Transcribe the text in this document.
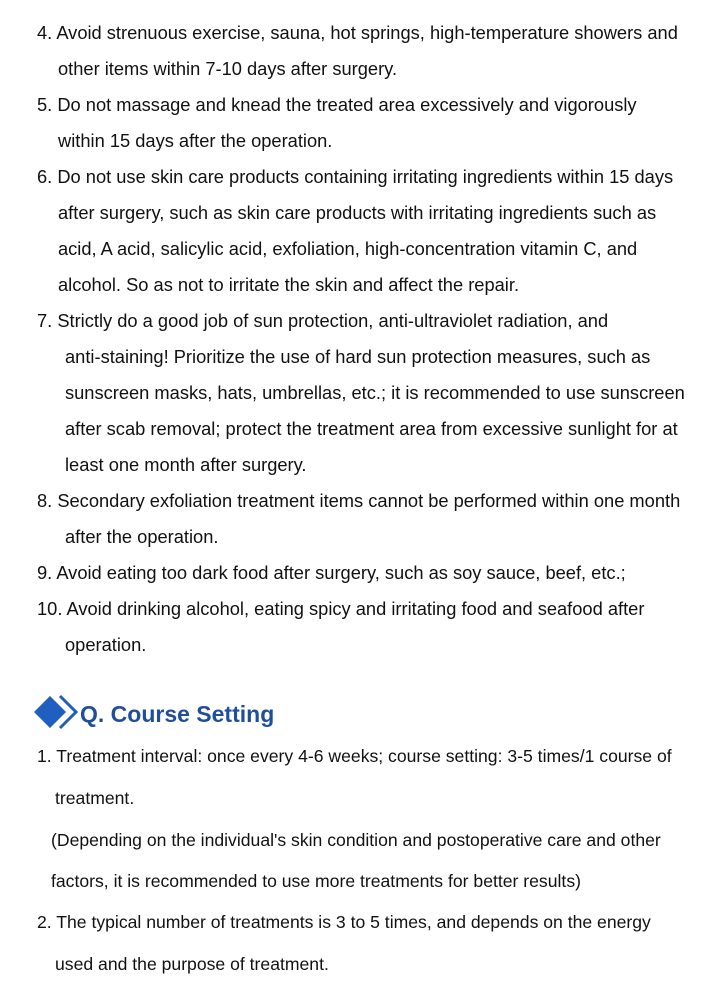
4. Avoid strenuous exercise, sauna, hot springs, high-temperature showers and
other items within 7-10 days after surgery.
5. Do not massage and knead the treated area excessively and vigorously
within 15 days after the operation.
6. Do not use skin care products containing irritating ingredients within 15 days
after surgery, such as skin care products with irritating ingredients such as
acid, A acid, salicylic acid, exfoliation, high-concentration vitamin C, and
alcohol. So as not to irritate the skin and affect the repair.
7. Strictly do a good job of sun protection, anti-ultraviolet radiation, and
anti-staining! Prioritize the use of hard sun protection measures, such as
sunscreen masks, hats, umbrellas, etc.; it is recommended to use sunscreen
after scab removal; protect the treatment area from excessive sunlight for at
least one month after surgery.
8. Secondary exfoliation treatment items cannot be performed within one month
after the operation.
9. Avoid eating too dark food after surgery, such as soy sauce, beef, etc.;
10. Avoid drinking alcohol, eating spicy and irritating food and seafood after
operation.
Q. Course Setting
1. Treatment interval: once every 4-6 weeks; course setting: 3-5 times/1 course of
treatment.
(Depending on the individual's skin condition and postoperative care and other
factors, it is recommended to use more treatments for better results)
2. The typical number of treatments is 3 to 5 times, and depends on the energy
used and the purpose of treatment.
